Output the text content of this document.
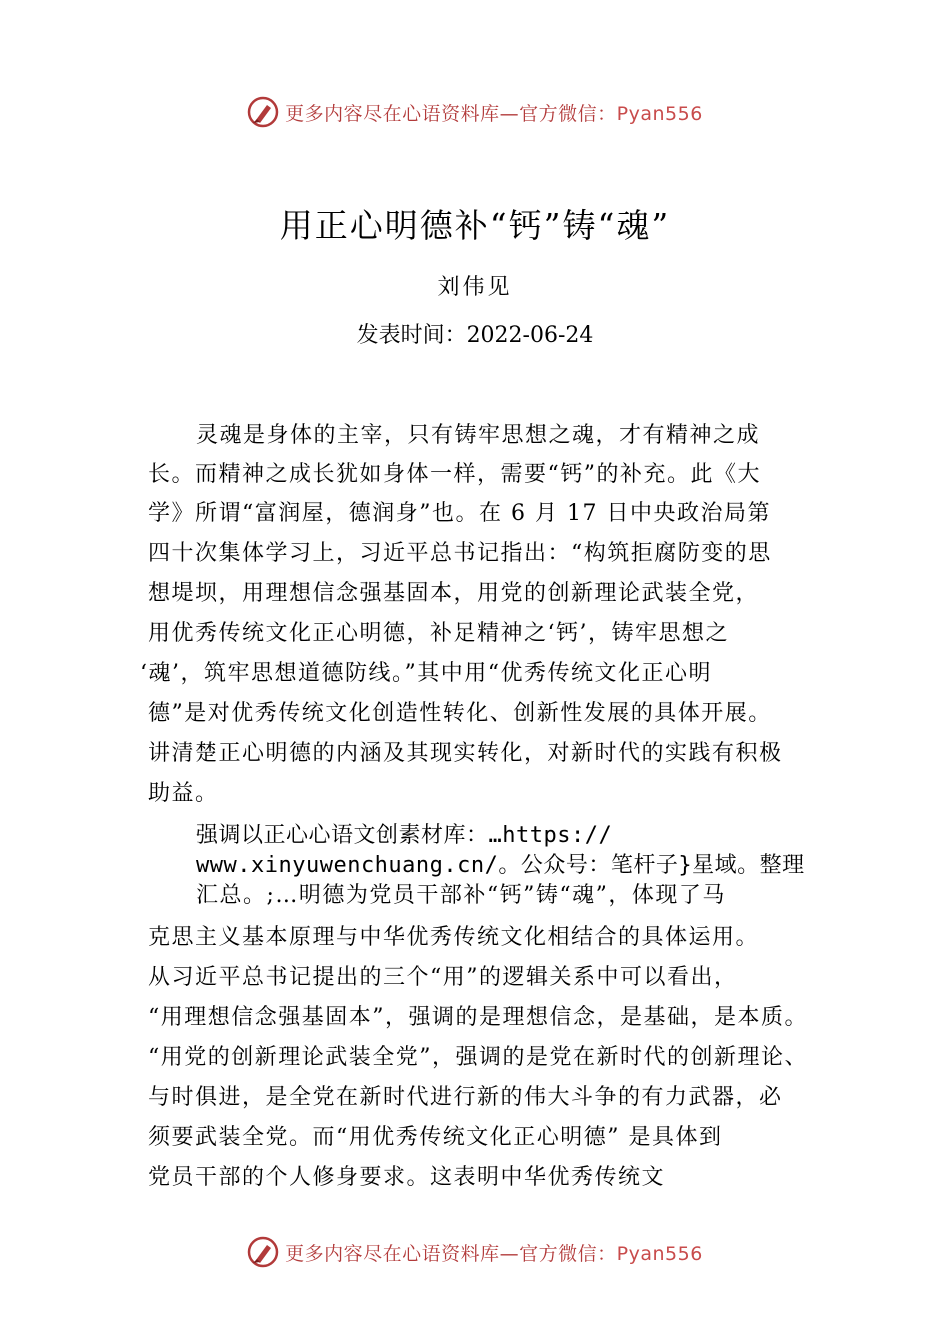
更多内容尽在心语资料库—官方微信：Pyan556
用正心明德补“钙”铸“魂”
刘伟见
发表时间：2022-06-24
灵魂是身体的主宰，只有铸牢思想之魂，才有精神之成
长。而精神之成长犹如身体一样，需要“钙”的补充。此《大
学》所谓“富润屋，德润身”也。在 6 月 17 日中央政治局第
四十次集体学习上，习近平总书记指出：“构筑拒腐防变的思
想堤坝，用理想信念强基固本，用党的创新理论武装全党，
用优秀传统文化正心明德，补足精神之‘钙’，铸牢思想之
‘魂’，筑牢思想道德防线。”其中用“优秀传统文化正心明
德”是对优秀传统文化创造性转化、创新性发展的具体开展。
讲清楚正心明德的内涵及其现实转化，对新时代的实践有积极
助益。
强调以正心心语文创素材库：…https://
www.xinyuwenchuang.cn/。公众号：笔杆子}星域。整理
汇总。;…明德为党员干部补“钙”铸“魂”，体现了马
克思主义基本原理与中华优秀传统文化相结合的具体运用。
从习近平总书记提出的三个“用”的逻辑关系中可以看出，
“用理想信念强基固本”，强调的是理想信念，是基础，是本质。
“用党的创新理论武装全党”，强调的是党在新时代的创新理论、
与时俱进，是全党在新时代进行新的伟大斗争的有力武器，必
须要武装全党。而“用优秀传统文化正心明德” 是具体到
党员干部的个人修身要求。这表明中华优秀传统文
更多内容尽在心语资料库—官方微信：Pyan556
